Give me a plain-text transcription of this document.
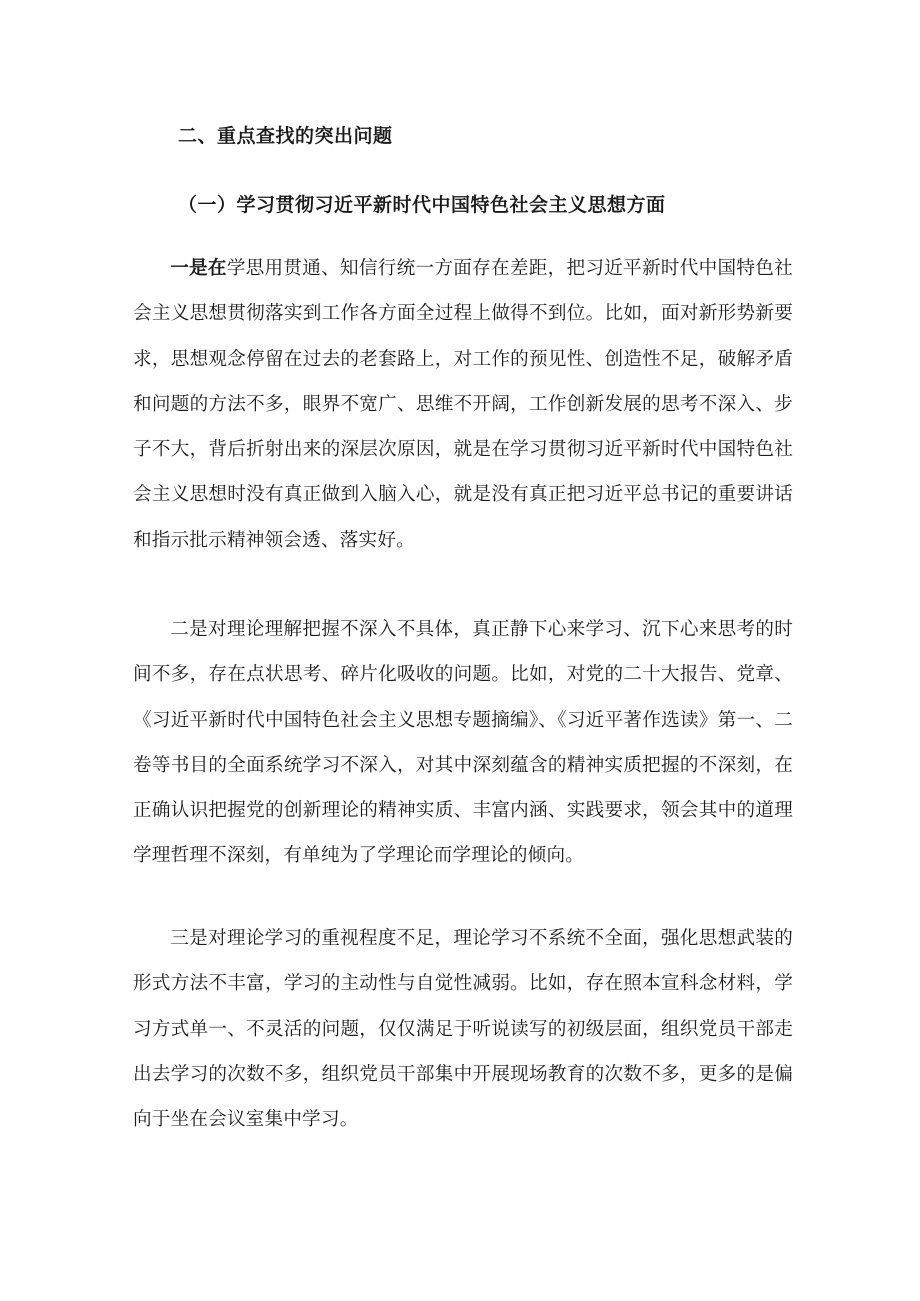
二、重点查找的突出问题
（一）学习贯彻习近平新时代中国特色社会主义思想方面

一是在学思用贯通、知信行统一方面存在差距，把习近平新时代中国特色社会主义思想贯彻落实到工作各方面全过程上做得不到位。比如，面对新形势新要求，思想观念停留在过去的老套路上，对工作的预见性、创造性不足，破解矛盾和问题的方法不多，眼界不宽广、思维不开阔，工作创新发展的思考不深入、步子不大，背后折射出来的深层次原因，就是在学习贯彻习近平新时代中国特色社会主义思想时没有真正做到入脑入心，就是没有真正把习近平总书记的重要讲话和指示批示精神领会透、落实好。

二是对理论理解把握不深入不具体，真正静下心来学习、沉下心来思考的时间不多，存在点状思考、碎片化吸收的问题。比如，对党的二十大报告、党章、《习近平新时代中国特色社会主义思想专题摘编》、《习近平著作选读》第一、二卷等书目的全面系统学习不深入，对其中深刻蕴含的精神实质把握的不深刻，在正确认识把握党的创新理论的精神实质、丰富内涵、实践要求，领会其中的道理学理哲理不深刻，有单纯为了学理论而学理论的倾向。

三是对理论学习的重视程度不足，理论学习不系统不全面，强化思想武装的形式方法不丰富，学习的主动性与自觉性减弱。比如，存在照本宣科念材料，学习方式单一、不灵活的问题，仅仅满足于听说读写的初级层面，组织党员干部走出去学习的次数不多，组织党员干部集中开展现场教育的次数不多，更多的是偏向于坐在会议室集中学习。
